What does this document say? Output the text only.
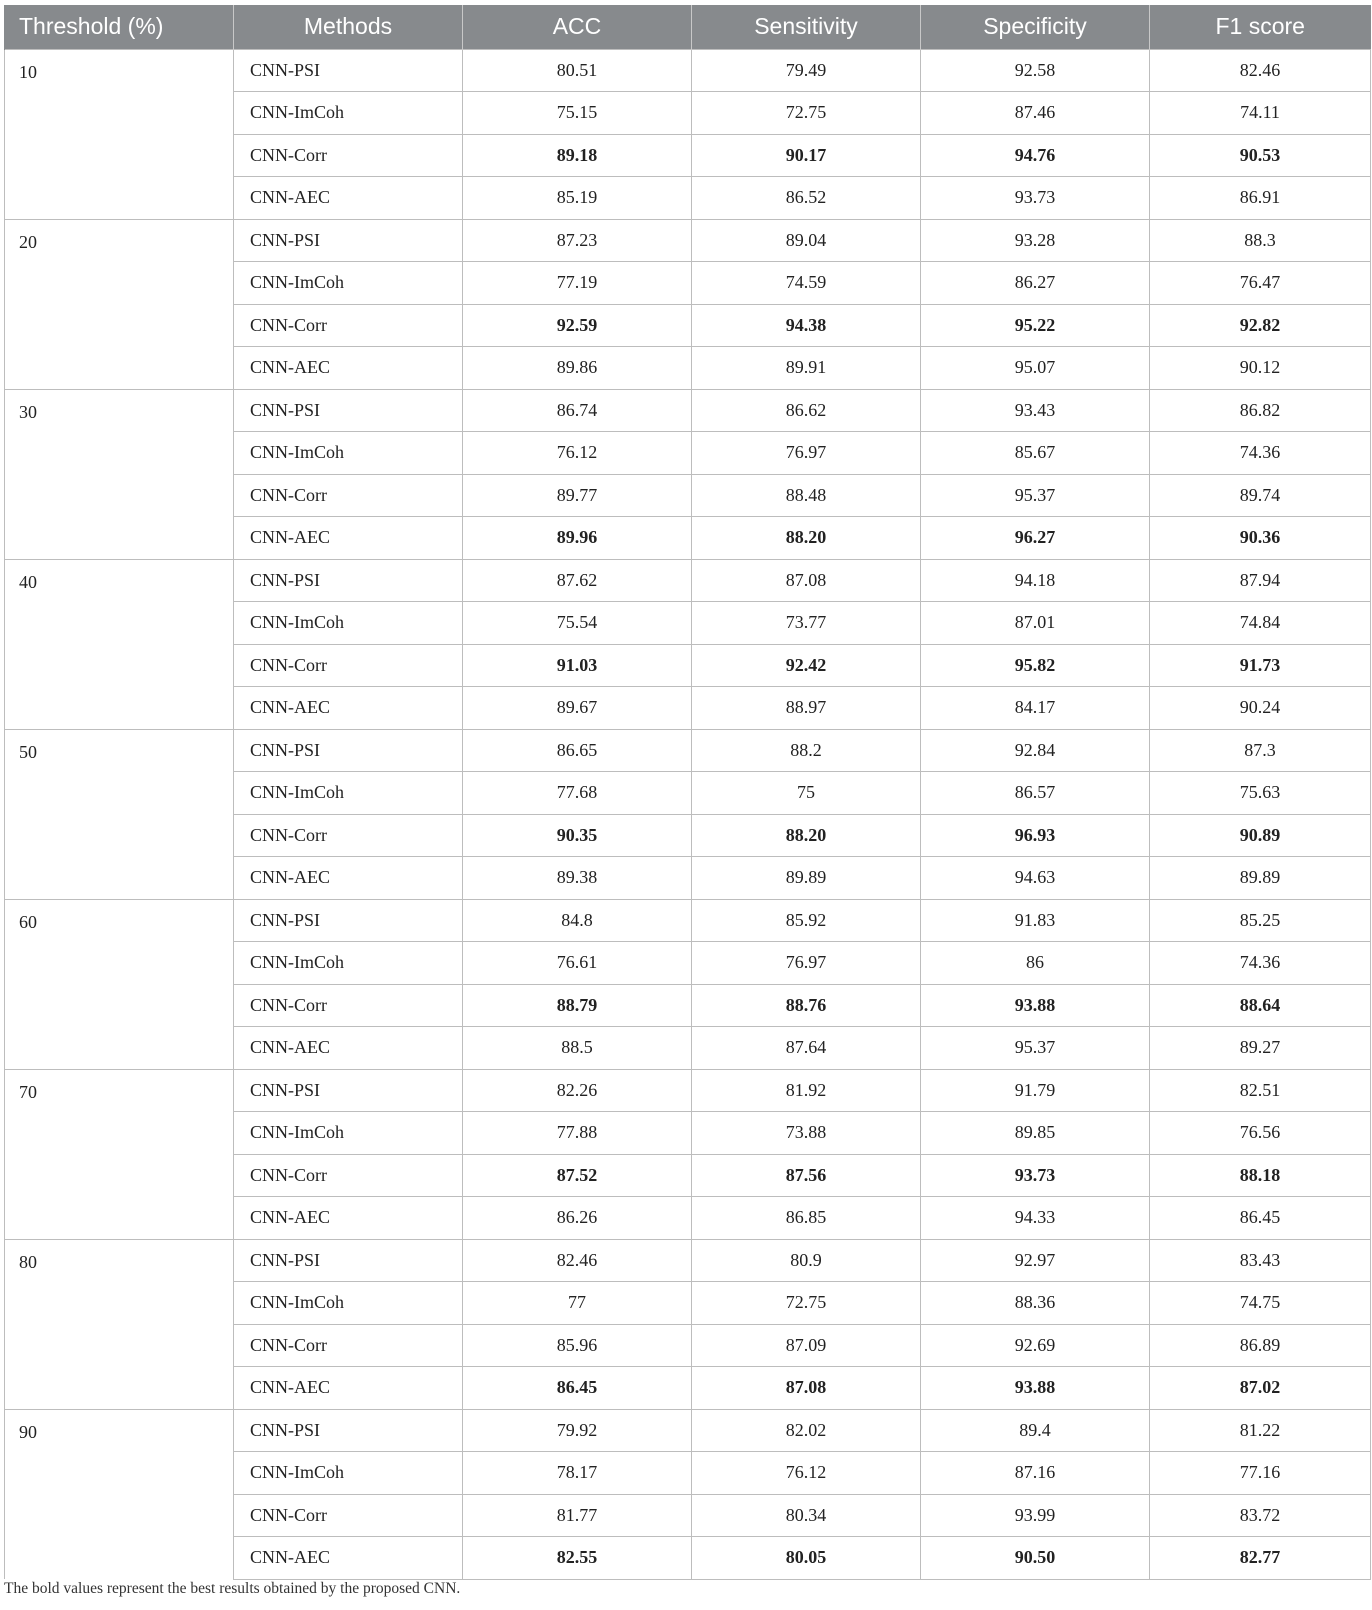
Threshold (%)	Methods	ACC	Sensitivity	Specificity	F1 score
10	CNN-PSI	80.51	79.49	92.58	82.46
	CNN-ImCoh	75.15	72.75	87.46	74.11
	CNN-Corr	89.18	90.17	94.76	90.53
	CNN-AEC	85.19	86.52	93.73	86.91
20	CNN-PSI	87.23	89.04	93.28	88.3
	CNN-ImCoh	77.19	74.59	86.27	76.47
	CNN-Corr	92.59	94.38	95.22	92.82
	CNN-AEC	89.86	89.91	95.07	90.12
30	CNN-PSI	86.74	86.62	93.43	86.82
	CNN-ImCoh	76.12	76.97	85.67	74.36
	CNN-Corr	89.77	88.48	95.37	89.74
	CNN-AEC	89.96	88.20	96.27	90.36
40	CNN-PSI	87.62	87.08	94.18	87.94
	CNN-ImCoh	75.54	73.77	87.01	74.84
	CNN-Corr	91.03	92.42	95.82	91.73
	CNN-AEC	89.67	88.97	84.17	90.24
50	CNN-PSI	86.65	88.2	92.84	87.3
	CNN-ImCoh	77.68	75	86.57	75.63
	CNN-Corr	90.35	88.20	96.93	90.89
	CNN-AEC	89.38	89.89	94.63	89.89
60	CNN-PSI	84.8	85.92	91.83	85.25
	CNN-ImCoh	76.61	76.97	86	74.36
	CNN-Corr	88.79	88.76	93.88	88.64
	CNN-AEC	88.5	87.64	95.37	89.27
70	CNN-PSI	82.26	81.92	91.79	82.51
	CNN-ImCoh	77.88	73.88	89.85	76.56
	CNN-Corr	87.52	87.56	93.73	88.18
	CNN-AEC	86.26	86.85	94.33	86.45
80	CNN-PSI	82.46	80.9	92.97	83.43
	CNN-ImCoh	77	72.75	88.36	74.75
	CNN-Corr	85.96	87.09	92.69	86.89
	CNN-AEC	86.45	87.08	93.88	87.02
90	CNN-PSI	79.92	82.02	89.4	81.22
	CNN-ImCoh	78.17	76.12	87.16	77.16
	CNN-Corr	81.77	80.34	93.99	83.72
	CNN-AEC	82.55	80.05	90.50	82.77
The bold values represent the best results obtained by the proposed CNN.
